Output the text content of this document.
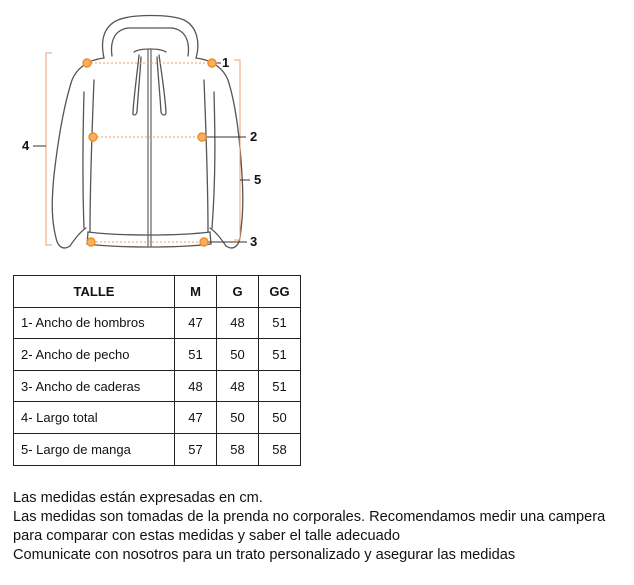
1
2
3
4
5
TALLE	M	G	GG
1- Ancho de hombros	47	48	51
2- Ancho de pecho	51	50	51
3- Ancho de caderas	48	48	51
4- Largo total	47	50	50
5- Largo de manga	57	58	58
Las medidas están expresadas en cm.
Las medidas son tomadas de la prenda no corporales. Recomendamos medir una campera
para comparar con estas medidas y saber el talle adecuado
Comunicate con nosotros para un trato personalizado y asegurar las medidas
